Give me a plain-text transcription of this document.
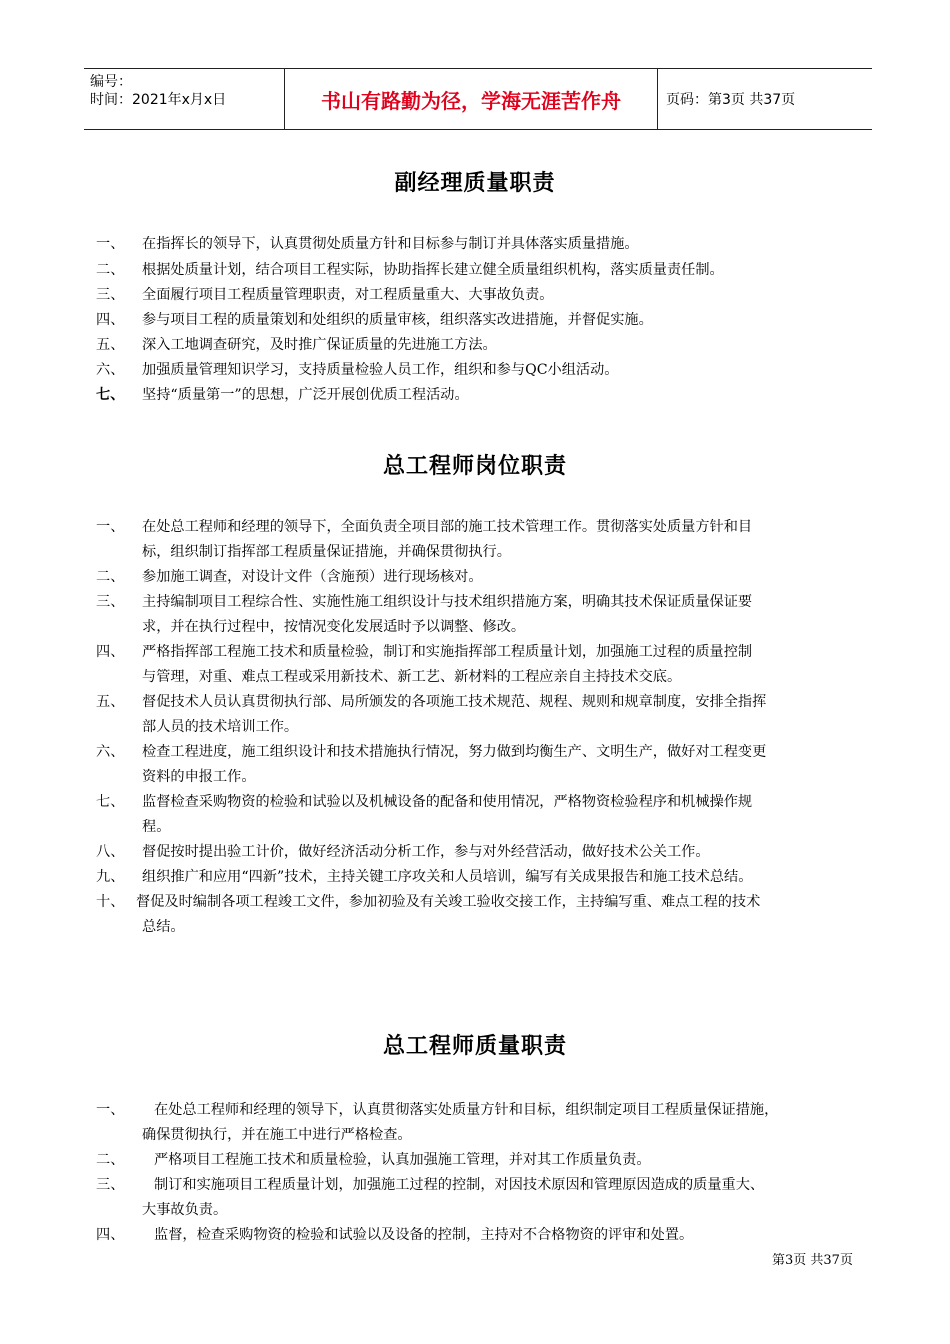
编号：
时间：2021年x月x日	书山有路勤为径，学海无涯苦作舟	页码：第3页 共37页
副经理质量职责
一、 在指挥长的领导下，认真贯彻处质量方针和目标参与制订并具体落实质量措施。
二、 根据处质量计划，结合项目工程实际，协助指挥长建立健全质量组织机构，落实质量责任制。
三、 全面履行项目工程质量管理职责，对工程质量重大、大事故负责。
四、 参与项目工程的质量策划和处组织的质量审核，组织落实改进措施，并督促实施。
五、 深入工地调查研究，及时推广保证质量的先进施工方法。
六、 加强质量管理知识学习，支持质量检验人员工作，组织和参与QC小组活动。
七、 坚持“质量第一”的思想，广泛开展创优质工程活动。
总工程师岗位职责
一、 在处总工程师和经理的领导下，全面负责全项目部的施工技术管理工作。贯彻落实处质量方针和目
标，组织制订指挥部工程质量保证措施，并确保贯彻执行。
二、 参加施工调查，对设计文件（含施预）进行现场核对。
三、 主持编制项目工程综合性、实施性施工组织设计与技术组织措施方案，明确其技术保证质量保证要
求，并在执行过程中，按情况变化发展适时予以调整、修改。
四、 严格指挥部工程施工技术和质量检验，制订和实施指挥部工程质量计划，加强施工过程的质量控制
与管理，对重、难点工程或采用新技术、新工艺、新材料的工程应亲自主持技术交底。
五、 督促技术人员认真贯彻执行部、局所颁发的各项施工技术规范、规程、规则和规章制度，安排全指挥
部人员的技术培训工作。
六、 检查工程进度，施工组织设计和技术措施执行情况，努力做到均衡生产、文明生产，做好对工程变更
资料的申报工作。
七、 监督检查采购物资的检验和试验以及机械设备的配备和使用情况，严格物资检验程序和机械操作规
程。
八、 督促按时提出验工计价，做好经济活动分析工作，参与对外经营活动，做好技术公关工作。
九、 组织推广和应用“四新”技术，主持关键工序攻关和人员培训，编写有关成果报告和施工技术总结。
十、 督促及时编制各项工程竣工文件，参加初验及有关竣工验收交接工作，主持编写重、难点工程的技术
总结。
总工程师质量职责
一、 在处总工程师和经理的领导下，认真贯彻落实处质量方针和目标，组织制定项目工程质量保证措施，
确保贯彻执行，并在施工中进行严格检查。
二、 严格项目工程施工技术和质量检验，认真加强施工管理，并对其工作质量负责。
三、 制订和实施项目工程质量计划，加强施工过程的控制，对因技术原因和管理原因造成的质量重大、
大事故负责。
四、 监督，检查采购物资的检验和试验以及设备的控制，主持对不合格物资的评审和处置。
第3页 共37页
